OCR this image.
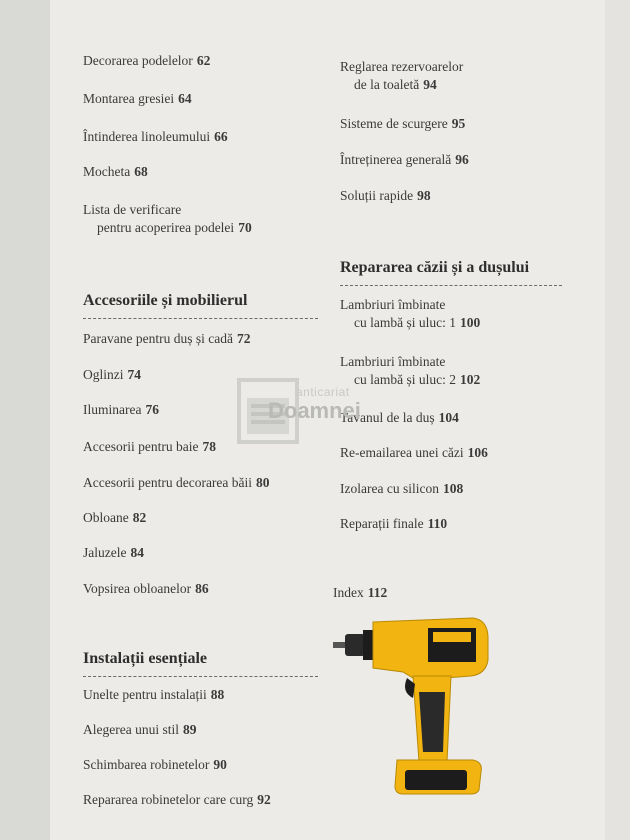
Decorarea podelelor 62
Montarea gresiei 64
Întinderea linoleumului 66
Mocheta 68
Lista de verificare
pentru acoperirea podelei 70
Accesoriile și mobilierul
Paravane pentru duș și cadă 72
Oglinzi 74
Iluminarea 76
Accesorii pentru baie 78
Accesorii pentru decorarea băii 80
Obloane 82
Jaluzele 84
Vopsirea obloanelor 86
Instalații esențiale
Unelte pentru instalații 88
Alegerea unui stil 89
Schimbarea robinetelor 90
Repararea robinetelor care curg 92
Reglarea rezervoarelor
de la toaletă 94
Sisteme de scurgere 95
Întreținerea generală 96
Soluții rapide 98
Repararea căzii și a dușului
Lambriuri îmbinate
cu lambă și uluc: 1 100
Lambriuri îmbinate
cu lambă și uluc: 2 102
Tavanul de la duș 104
Re-emailarea unei căzi 106
Izolarea cu silicon 108
Reparații finale 110
Index 112
anticariat
Doamnei
